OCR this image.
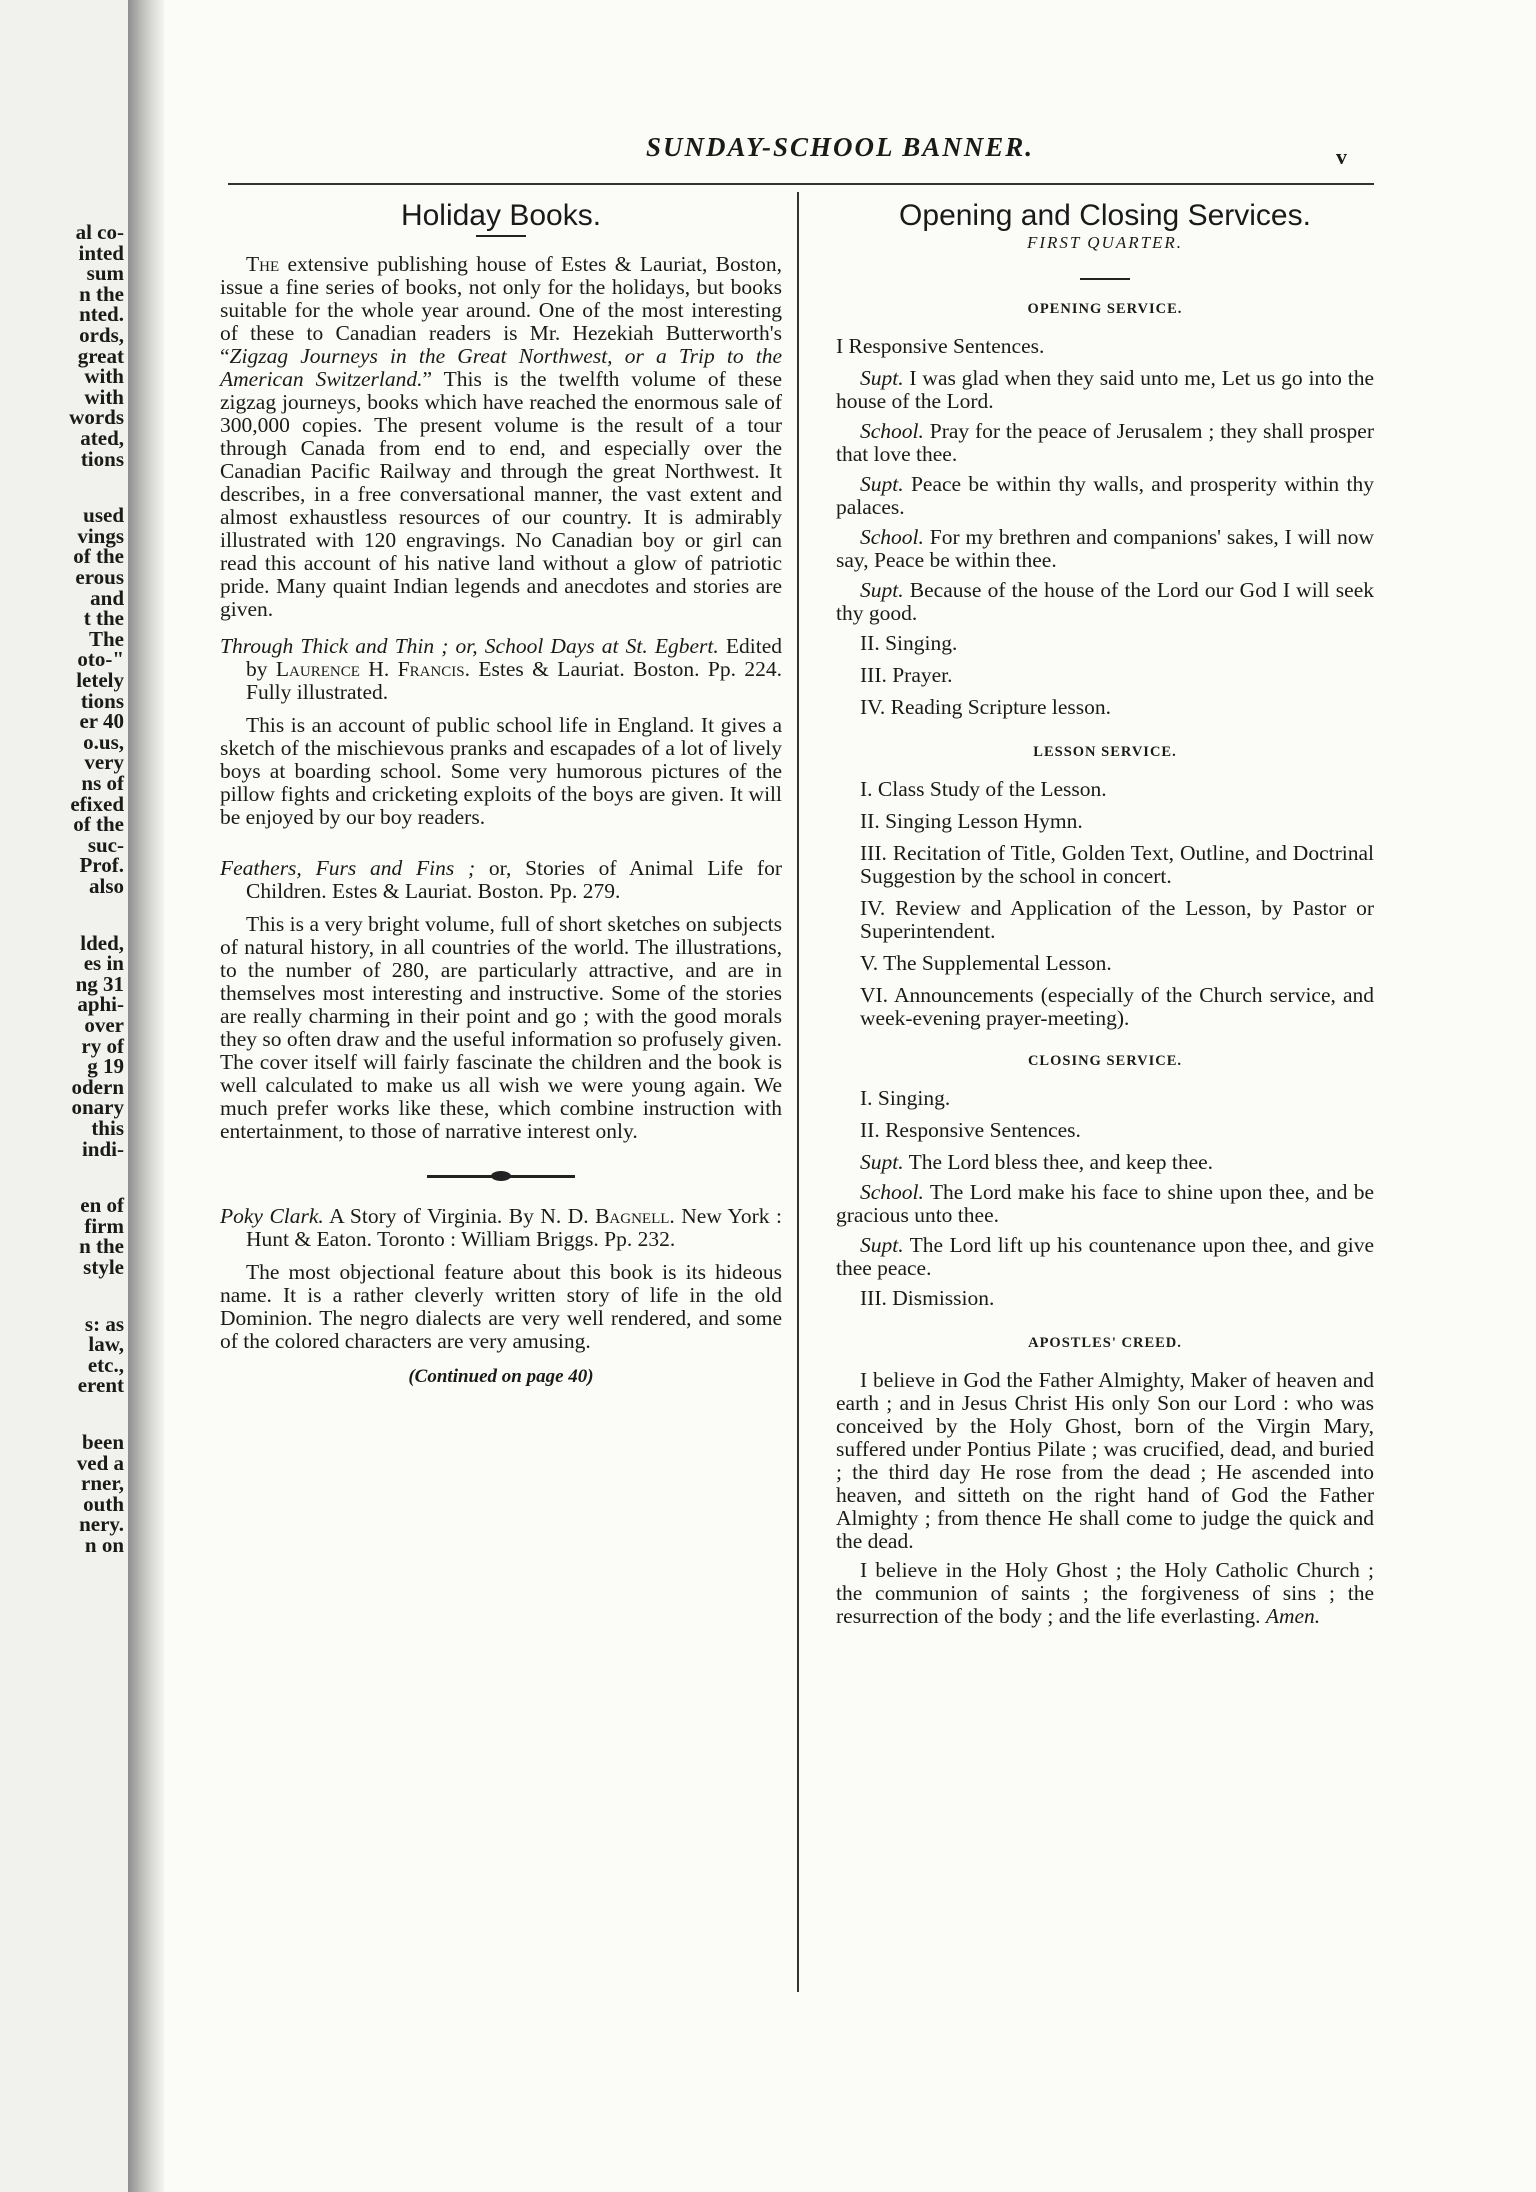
al co-
inted
sum
n the
nted.
ords,
great
with
with
words
ated,
tions
used
vings
of the
erous
and
t the
The
oto-"
letely
tions
er 40
o.us,
very
ns of
efixed
of the
suc-
Prof.
also
lded,
es in
ng 31
aphi-
over
ry of
g 19
odern
onary
this
indi-
en of
firm
n the
style
s: as
law,
etc.,
erent
been
ved a
rner,
outh
nery.
n on
SUNDAY-SCHOOL BANNER.	v
Holiday Books.

The extensive publishing house of Estes & Lauriat, Boston, issue a fine series of books, not only for the holidays, but books suitable for the whole year around. One of the most interesting of these to Canadian readers is Mr. Hezekiah Butterworth's “Zigzag Journeys in the Great Northwest, or a Trip to the American Switzerland.” This is the twelfth volume of these zigzag journeys, books which have reached the enormous sale of 300,000 copies. The present volume is the result of a tour through Canada from end to end, and especially over the Canadian Pacific Railway and through the great Northwest. It describes, in a free conversational manner, the vast extent and almost exhaustless resources of our country. It is admirably illustrated with 120 engravings. No Canadian boy or girl can read this account of his native land without a glow of patriotic pride. Many quaint Indian legends and anecdotes and stories are given.

Through Thick and Thin ; or, School Days at St. Egbert. Edited by Laurence H. Francis. Estes & Lauriat. Boston. Pp. 224. Fully illustrated.

This is an account of public school life in England. It gives a sketch of the mischievous pranks and escapades of a lot of lively boys at boarding school. Some very humorous pictures of the pillow fights and cricketing exploits of the boys are given. It will be enjoyed by our boy readers.

Feathers, Furs and Fins ; or, Stories of Animal Life for Children. Estes & Lauriat. Boston. Pp. 279.

This is a very bright volume, full of short sketches on subjects of natural history, in all countries of the world. The illustrations, to the number of 280, are particularly attractive, and are in themselves most interesting and instructive. Some of the stories are really charming in their point and go ; with the good morals they so often draw and the useful information so profusely given. The cover itself will fairly fascinate the children and the book is well calculated to make us all wish we were young again. We much prefer works like these, which combine instruction with entertainment, to those of narrative interest only.

Poky Clark. A Story of Virginia. By N. D. Bagnell. New York : Hunt & Eaton. Toronto : William Briggs. Pp. 232.

The most objectional feature about this book is its hideous name. It is a rather cleverly written story of life in the old Dominion. The negro dialects are very well rendered, and some of the colored characters are very amusing.

(Continued on page 40)
Opening and Closing Services.
FIRST QUARTER.
OPENING SERVICE.
I Responsive Sentences.

Supt. I was glad when they said unto me, Let us go into the house of the Lord.

School. Pray for the peace of Jerusalem ; they shall prosper that love thee.

Supt. Peace be within thy walls, and prosperity within thy palaces.

School. For my brethren and companions' sakes, I will now say, Peace be within thee.

Supt. Because of the house of the Lord our God I will seek thy good.

II. Singing.
III. Prayer.
IV. Reading Scripture lesson.
LESSON SERVICE.
I. Class Study of the Lesson.
II. Singing Lesson Hymn.
III. Recitation of Title, Golden Text, Outline, and Doctrinal Suggestion by the school in concert.
IV. Review and Application of the Lesson, by Pastor or Superintendent.
V. The Supplemental Lesson.
VI. Announcements (especially of the Church service, and week-evening prayer-meeting).
CLOSING SERVICE.
I. Singing.
II. Responsive Sentences.

Supt. The Lord bless thee, and keep thee.

School. The Lord make his face to shine upon thee, and be gracious unto thee.

Supt. The Lord lift up his countenance upon thee, and give thee peace.

III. Dismission.
APOSTLES' CREED.

I believe in God the Father Almighty, Maker of heaven and earth ; and in Jesus Christ His only Son our Lord : who was conceived by the Holy Ghost, born of the Virgin Mary, suffered under Pontius Pilate ; was crucified, dead, and buried ; the third day He rose from the dead ; He ascended into heaven, and sitteth on the right hand of God the Father Almighty ; from thence He shall come to judge the quick and the dead.

I believe in the Holy Ghost ; the Holy Catholic Church ; the communion of saints ; the forgiveness of sins ; the resurrection of the body ; and the life everlasting. Amen.
